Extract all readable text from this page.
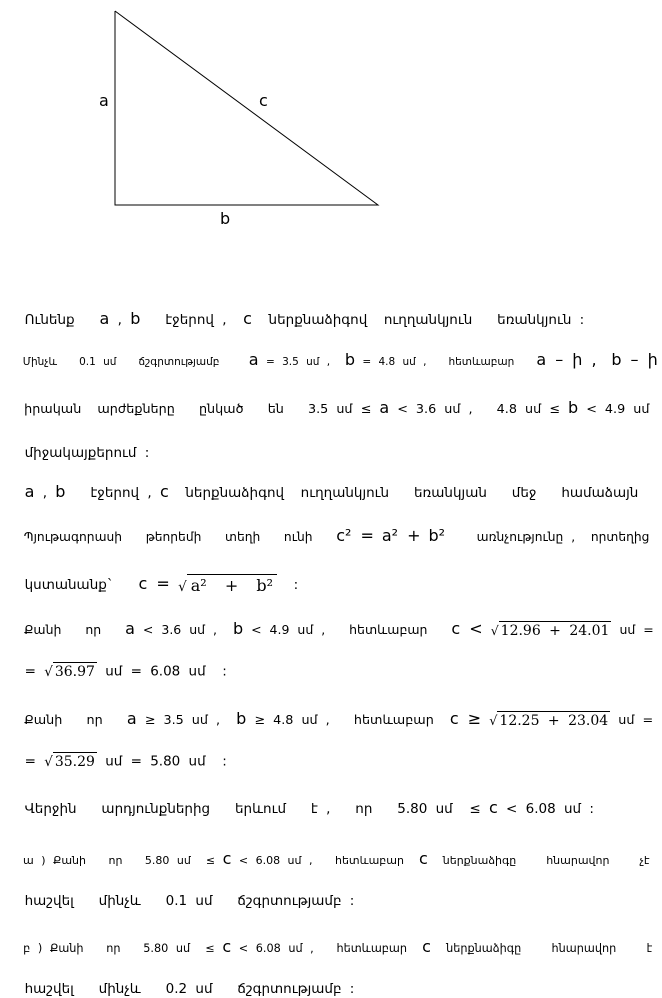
a	c
b

Ունենք a , b էջերով , c ներքնաձիգով  ուղղանկյուն   եռանկյուն :

Մինչև   0.1 սմ   ճշգրտությամբ a = 3.5 սմ , b = 4.8 սմ ,   հետևաբար a – ի , b – ի

իրական  արժեքները   ընկած   են   3.5 սմ ≤ a < 3.6 սմ ,   4.8 սմ ≤ b < 4.9 սմ

միջակայքերում :

a , b էջերով , c ներքնաձիգով  ուղղանկյուն   եռանկյան   մեջ   համաձայն

Պյութագորասի   թեորեմի   տեղի   ունի c² = a² + b²	առնչությունը ,  որտեղից

կստանանք` c = √ a²  +  b² :

Քանի   որ a < 3.6 սմ , b < 4.9 սմ ,   հետևաբար c < √ 12.96 + 24.01 սմ =

= √ 36.97 սմ = 6.08 սմ  :

Քանի   որ a ≥ 3.5 սմ , b ≥ 4.8 սմ ,   հետևաբար c ≥ √ 12.25 + 23.04 սմ =

= √ 35.29 սմ = 5.80 սմ  :

Վերջին   արդյունքներից   երևում   է ,   որ   5.80 սմ  ≤ c < 6.08 սմ :

ա ) Քանի   որ   5.80 սմ  ≤ c < 6.08 սմ ,   հետևաբար c ներքնաձիգը    հնարավոր    չէ

հաշվել   մինչև   0.1 սմ   ճշգրտությամբ :

բ ) Քանի   որ   5.80 սմ  ≤ c < 6.08 սմ ,   հետևաբար c ներքնաձիգը    հնարավոր    է

հաշվել   մինչև   0.2 սմ   ճշգրտությամբ :
